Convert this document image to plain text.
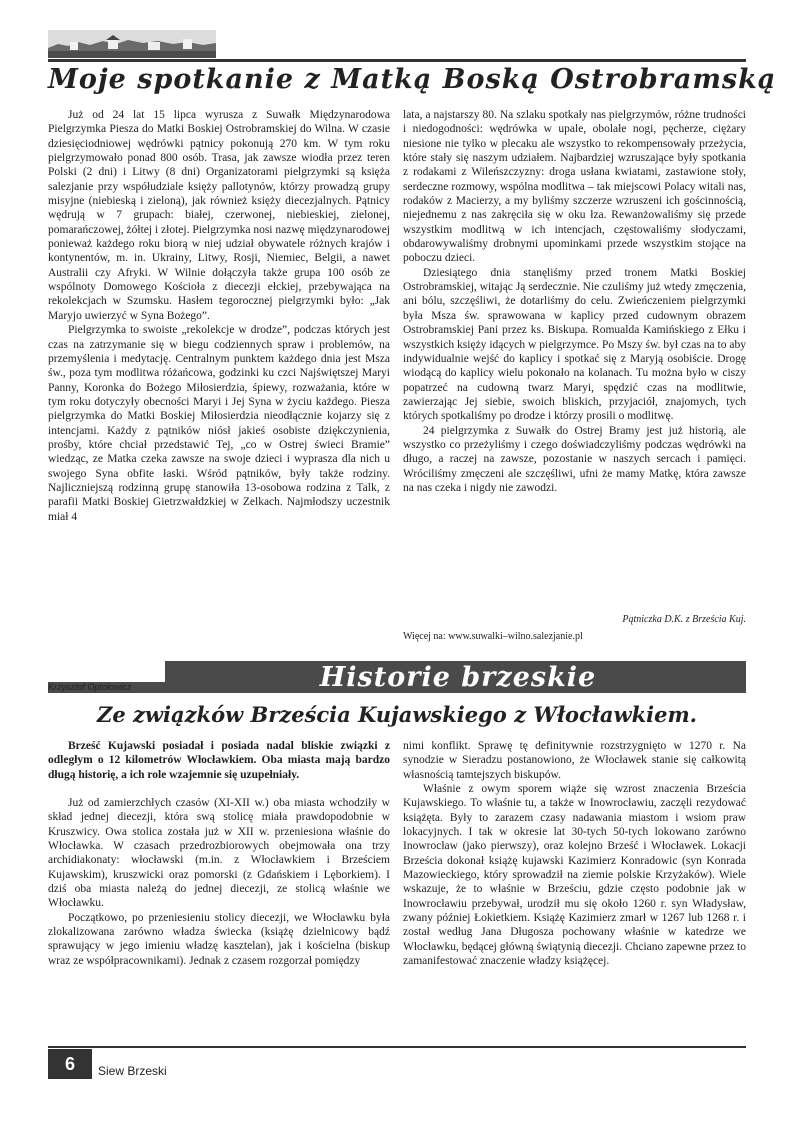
Moje spotkanie z Matką Boską Ostrobramską

Już od 24 lat 15 lipca wyrusza z Suwałk Międzynarodowa Pielgrzymka Piesza do Matki Boskiej Ostrobramskiej do Wilna. W czasie dziesięciodniowej wędrówki pątnicy pokonują 270 km. W tym roku pielgrzymowało ponad 800 osób. Trasa, jak zawsze wiodła przez teren Polski (2 dni) i Litwy (8 dni) Organizatorami pielgrzymki są księża salezjanie przy współudziale księży pallotynów, którzy prowadzą grupy misyjne (niebieską i zieloną), jak również księży diecezjalnych. Pątnicy wędrują w 7 grupach: białej, czerwonej, niebieskiej, zielonej, pomarańczowej, żółtej i złotej. Pielgrzymka nosi nazwę międzynarodowej ponieważ każdego roku biorą w niej udział obywatele różnych krajów i kontynentów, m. in. Ukrainy, Litwy, Rosji, Niemiec, Belgii, a nawet Australii czy Afryki. W Wilnie dołączyła także grupa 100 osób ze wspólnoty Domowego Kościoła z diecezji ełckiej, przebywająca na rekolekcjach w Szumsku. Hasłem tegorocznej pielgrzymki było: „Jak Maryjo uwierzyć w Syna Bożego”.

Pielgrzymka to swoiste „rekolekcje w drodze”, podczas których jest czas na zatrzymanie się w biegu codziennych spraw i problemów, na przemyślenia i medytację. Centralnym punktem każdego dnia jest Msza św., poza tym modlitwa różańcowa, godzinki ku czci Najświętszej Maryi Panny, Koronka do Bożego Miłosierdzia, śpiewy, rozważania, które w tym roku dotyczyły obecności Maryi i Jej Syna w życiu każdego. Piesza pielgrzymka do Matki Boskiej Miłosierdzia nieodłącznie kojarzy się z intencjami. Każdy z pątników niósł jakieś osobiste dziękczynienia, prośby, które chciał przedstawić Tej, „co w Ostrej świeci Bramie” wiedząc, ze Matka czeka zawsze na swoje dzieci i wyprasza dla nich u swojego Syna obfite łaski. Wśród pątników, były także rodziny. Najliczniejszą rodzinną grupę stanowiła 13-osobowa rodzina z Talk, z parafii Matki Boskiej Gietrzwałdzkiej w Zelkach. Najmłodszy uczestnik miał 4

lata, a najstarszy 80. Na szlaku spotkały nas pielgrzymów, różne trudności i niedogodności: wędrówka w upale, obolałe nogi, pęcherze, ciężary niesione nie tylko w plecaku ale wszystko to rekompensowały przeżycia, które stały się naszym udziałem. Najbardziej wzruszające były spotkania z rodakami z Wileńszczyzny: droga usłana kwiatami, zastawione stoły, serdeczne rozmowy, wspólna modlitwa – tak miejscowi Polacy witali nas, rodaków z Macierzy, a my byliśmy szczerze wzruszeni ich gościnnością, niejednemu z nas zakręciła się w oku łza. Rewanżowaliśmy się przede wszystkim modlitwą w ich intencjach, częstowaliśmy słodyczami, obdarowywaliśmy drobnymi upominkami przede wszystkim stojące na poboczu dzieci.

Dziesiątego dnia stanęliśmy przed tronem Matki Boskiej Ostrobramskiej, witając Ją serdecznie. Nie czuliśmy już wtedy zmęczenia, ani bólu, szczęśliwi, że dotarliśmy do celu. Zwieńczeniem pielgrzymki była Msza św. sprawowana w kaplicy przed cudownym obrazem Ostrobramskiej Pani przez ks. Biskupa. Romualda Kamińskiego z Ełku i wszystkich księży idących w pielgrzymce. Po Mszy św. był czas na to aby indywidualnie wejść do kaplicy i spotkać się z Maryją osobiście. Drogę wiodącą do kaplicy wielu pokonało na kolanach. Tu można było w ciszy popatrzeć na cudowną twarz Maryi, spędzić czas na modlitwie, zawierzając Jej siebie, swoich bliskich, przyjaciół, znajomych, tych których spotkaliśmy po drodze i którzy prosili o modlitwę.

24 pielgrzymka z Suwałk do Ostrej Bramy jest już historią, ale wszystko co przeżyliśmy i czego doświadczyliśmy podczas wędrówki na długo, a raczej na zawsze, pozostanie w naszych sercach i pamięci. Wróciliśmy zmęczeni ale szczęśliwi, ufni że mamy Matkę, która zawsze na nas czeka i nigdy nie zawodzi.

Pątniczka D.K. z Brześcia Kuj.
Więcej na: www.suwalki–wilno.salezjanie.pl
Krzysztof Optołowicz	Historie brzeskie
Ze związków Brześcia Kujawskiego z Włocławkiem.

Brześć Kujawski posiadał i posiada nadal bliskie związki z odległym o 12 kilometrów Włocławkiem. Oba miasta mają bardzo długą historię, a ich role wzajemnie się uzupełniały.

Już od zamierzchłych czasów (XI-XII w.) oba miasta wchodziły w skład jednej diecezji, która swą stolicę miała prawdopodobnie w Kruszwicy. Owa stolica została już w XII w. przeniesiona właśnie do Włocławka. W czasach przedrozbiorowych obejmowała ona trzy archidiakonaty: włocławski (m.in. z Włocławkiem i Brześciem Kujawskim), kruszwicki oraz pomorski (z Gdańskiem i Lęborkiem). I dziś oba miasta należą do jednej diecezji, ze stolicą właśnie we Włocławku.

Początkowo, po przeniesieniu stolicy diecezji, we Włocławku była zlokalizowana zarówno władza świecka (książę dzielnicowy bądź sprawujący w jego imieniu władzę kasztelan), jak i kościelna (biskup wraz ze współpracownikami). Jednak z czasem rozgorzał pomiędzy

nimi konflikt. Sprawę tę definitywnie rozstrzygnięto w 1270 r. Na synodzie w Sieradzu postanowiono, że Włocławek stanie się całkowitą własnością tamtejszych biskupów.

Właśnie z owym sporem wiąże się wzrost znaczenia Brześcia Kujawskiego. To właśnie tu, a także w Inowrocławiu, zaczęli rezydować książęta. Były to zarazem czasy nadawania miastom i wsiom praw lokacyjnych. I tak w okresie lat 30-tych 50-tych lokowano zarówno Inowrocław (jako pierwszy), oraz kolejno Brześć i Włocławek. Lokacji Brześcia dokonał książę kujawski Kazimierz Konradowic (syn Konrada Mazowieckiego, który sprowadził na ziemie polskie Krzyżaków). Wiele wskazuje, że to właśnie w Brześciu, gdzie często podobnie jak w Inowrocławiu przebywał, urodził mu się około 1260 r. syn Władysław, zwany później Łokietkiem. Książę Kazimierz zmarł w 1267 lub 1268 r. i został według Jana Długosza pochowany właśnie w katedrze we Włocławku, będącej główną świątynią diecezji. Chciano zapewne przez to zamanifestować znaczenie władzy książęcej.

6	Siew Brzeski
